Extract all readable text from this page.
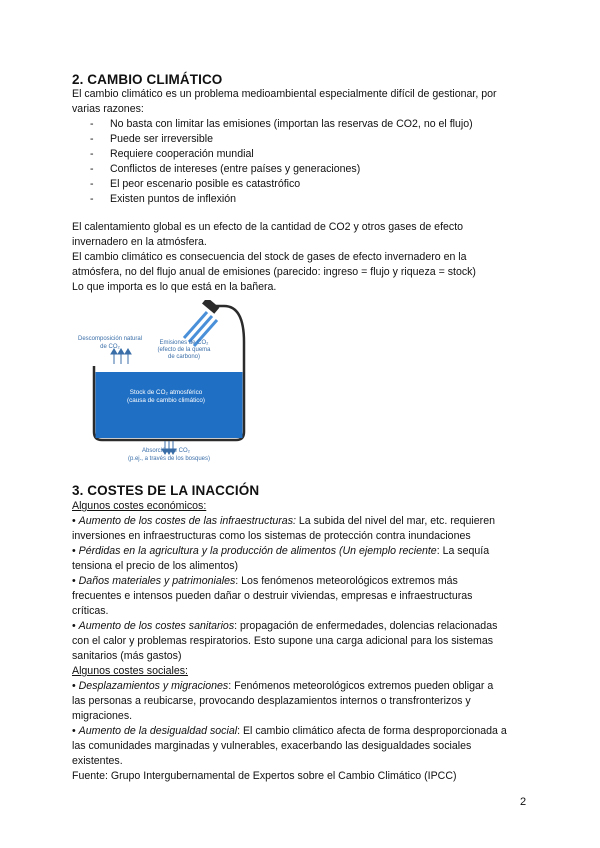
2. CAMBIO CLIMÁTICO
El cambio climático es un problema medioambiental especialmente difícil de gestionar, por
varias razones:
- No basta con limitar las emisiones (importan las reservas de CO2, no el flujo)
- Puede ser irreversible
- Requiere cooperación mundial
- Conflictos de intereses (entre países y generaciones)
- El peor escenario posible es catastrófico
- Existen puntos de inflexión
El calentamiento global es un efecto de la cantidad de CO2 y otros gases de efecto
invernadero en la atmósfera.
El cambio climático es consecuencia del stock de gases de efecto invernadero en la
atmósfera, no del flujo anual de emisiones (parecido: ingreso = flujo y riqueza = stock)
Lo que importa es lo que está en la bañera.
Descomposición natural de CO₂
Emisiones de CO₂ (efecto de la quema de carbono)
Stock de CO₂ atmosférico (causa de cambio climático)
Absorción de CO₂ (p.ej., a través de los bosques)
3. COSTES DE LA INACCIÓN
Algunos costes económicos:
• Aumento de los costes de las infraestructuras: La subida del nivel del mar, etc. requieren
inversiones en infraestructuras como los sistemas de protección contra inundaciones
• Pérdidas en la agricultura y la producción de alimentos (Un ejemplo reciente: La sequía
tensiona el precio de los alimentos)
• Daños materiales y patrimoniales: Los fenómenos meteorológicos extremos más
frecuentes e intensos pueden dañar o destruir viviendas, empresas e infraestructuras
críticas.
• Aumento de los costes sanitarios: propagación de enfermedades, dolencias relacionadas
con el calor y problemas respiratorios. Esto supone una carga adicional para los sistemas
sanitarios (más gastos)
Algunos costes sociales:
• Desplazamientos y migraciones: Fenómenos meteorológicos extremos pueden obligar a
las personas a reubicarse, provocando desplazamientos internos o transfronterizos y
migraciones.
• Aumento de la desigualdad social: El cambio climático afecta de forma desproporcionada a
las comunidades marginadas y vulnerables, exacerbando las desigualdades sociales
existentes.
Fuente: Grupo Intergubernamental de Expertos sobre el Cambio Climático (IPCC)
2
